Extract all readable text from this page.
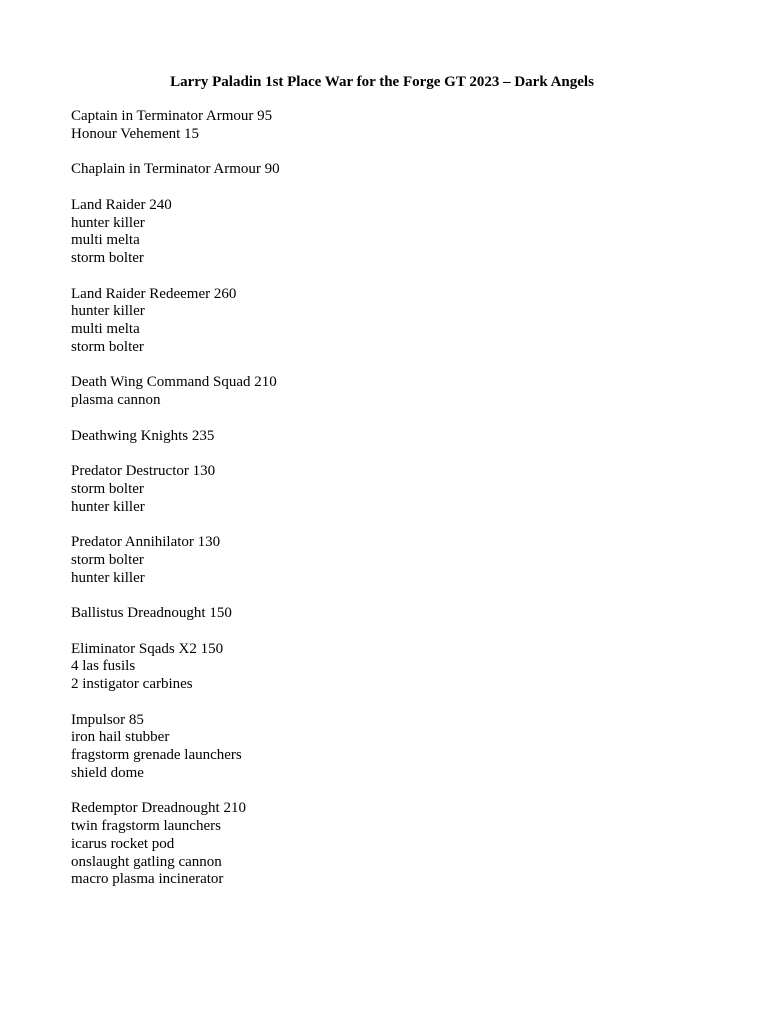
Larry Paladin 1st Place War for the Forge GT 2023 – Dark Angels
Captain in Terminator Armour 95
Honour Vehement 15
Chaplain in Terminator Armour 90
Land Raider 240
hunter killer
multi melta
storm bolter
Land Raider Redeemer 260
hunter killer
multi melta
storm bolter
Death Wing Command Squad 210
plasma cannon
Deathwing Knights 235
Predator Destructor 130
storm bolter
hunter killer
Predator Annihilator 130
storm bolter
hunter killer
Ballistus Dreadnought 150
Eliminator Sqads X2 150
4 las fusils
2 instigator carbines
Impulsor 85
iron hail stubber
fragstorm grenade launchers
shield dome
Redemptor Dreadnought 210
twin fragstorm launchers
icarus rocket pod
onslaught gatling cannon
macro plasma incinerator
